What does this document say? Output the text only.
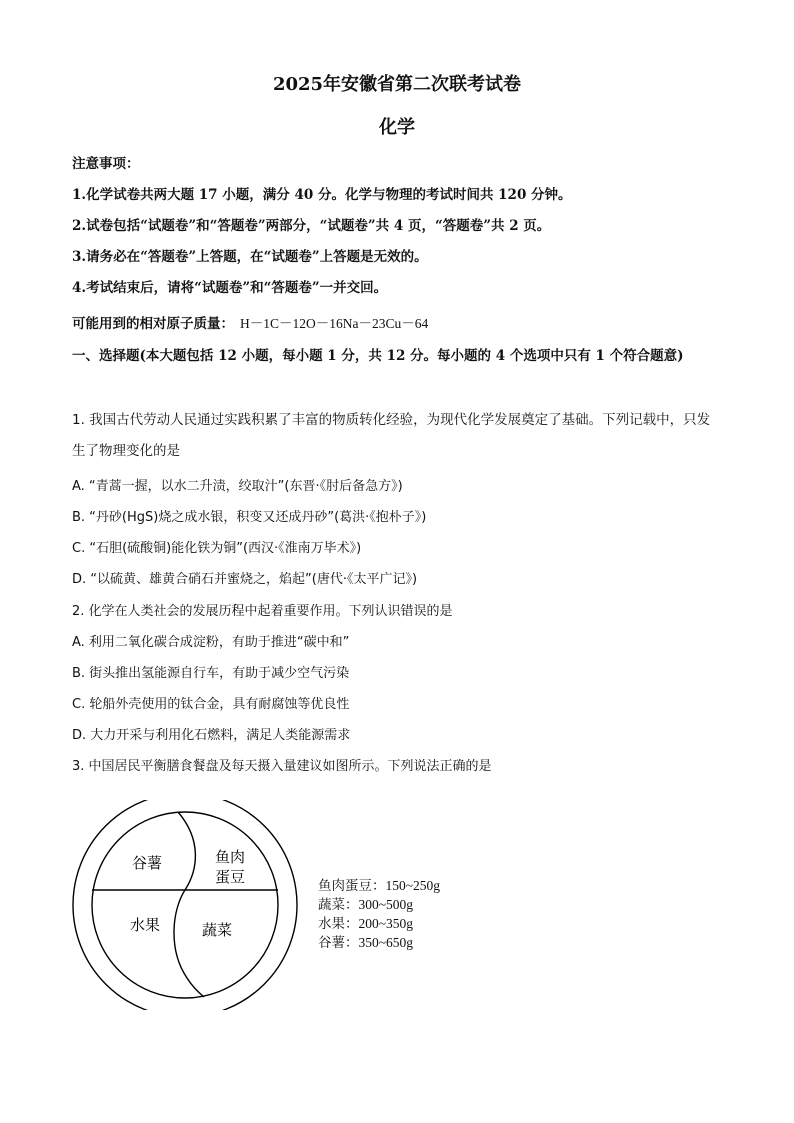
2025年安徽省第二次联考试卷
化学
注意事项：
1.化学试卷共两大题 17 小题，满分 40 分。化学与物理的考试时间共 120 分钟。
2.试卷包括“试题卷”和“答题卷”两部分，“试题卷”共 4 页，“答题卷”共 2 页。
3.请务必在“答题卷”上答题，在“试题卷”上答题是无效的。
4.考试结束后，请将“试题卷”和“答题卷”一并交回。
可能用到的相对原子质量： H－1C－12O－16Na－23Cu－64
一、选择题(本大题包括 12 小题，每小题 1 分，共 12 分。每小题的 4 个选项中只有 1 个符合题意)
1. 我国古代劳动人民通过实践积累了丰富的物质转化经验，为现代化学发展奠定了基础。下列记载中，只发生了物理变化的是
A. “青蒿一握，以水二升渍，绞取汁”(东晋·《肘后备急方》)
B. “丹砂(HgS)烧之成水银，积变又还成丹砂”(葛洪·《抱朴子》)
C. “石胆(硫酸铜)能化铁为铜”(西汉·《淮南万毕术》)
D. “以硫黄、雄黄合硝石并蜜烧之，焰起”(唐代·《太平广记》)
2. 化学在人类社会的发展历程中起着重要作用。下列认识错误的是
A. 利用二氧化碳合成淀粉，有助于推进“碳中和”
B. 街头推出氢能源自行车，有助于减少空气污染
C. 轮船外壳使用的钛合金，具有耐腐蚀等优良性
D. 大力开采与利用化石燃料，满足人类能源需求
3. 中国居民平衡膳食餐盘及每天摄入量建议如图所示。下列说法正确的是
谷薯	鱼肉
蛋豆
水果	蔬菜
鱼肉蛋豆：150~250g
蔬菜：300~500g
水果：200~350g
谷薯：350~650g
